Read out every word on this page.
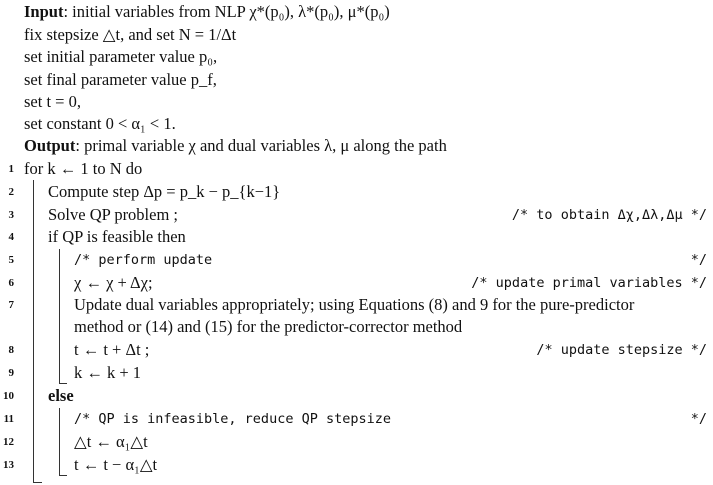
Input: initial variables from NLP χ*(p₀), λ*(p₀), μ*(p₀)
fix stepsize △t, and set N = 1/Δt
set initial parameter value p₀,
set final parameter value p_f,
set t = 0,
set constant 0 < α₁ < 1.
Output: primal variable χ and dual variables λ, μ along the path
1 for k ← 1 to N do
2 Compute step Δp = p_k − p_{k−1}
3 Solve QP problem ;	/* to obtain Δχ,Δλ,Δμ */
4 if QP is feasible then
5	/* perform update	*/
6	χ ← χ + Δχ;	/* update primal variables */
7	Update dual variables appropriately; using Equations (8) and 9 for the pure-predictor
method or (14) and (15) for the predictor-corrector method
8	t ← t + Δt ;	/* update stepsize */
9	k ← k + 1
10 else
11	/* QP is infeasible, reduce QP stepsize	*/
12	△t ← α₁△t
13	t ← t − α₁△t
